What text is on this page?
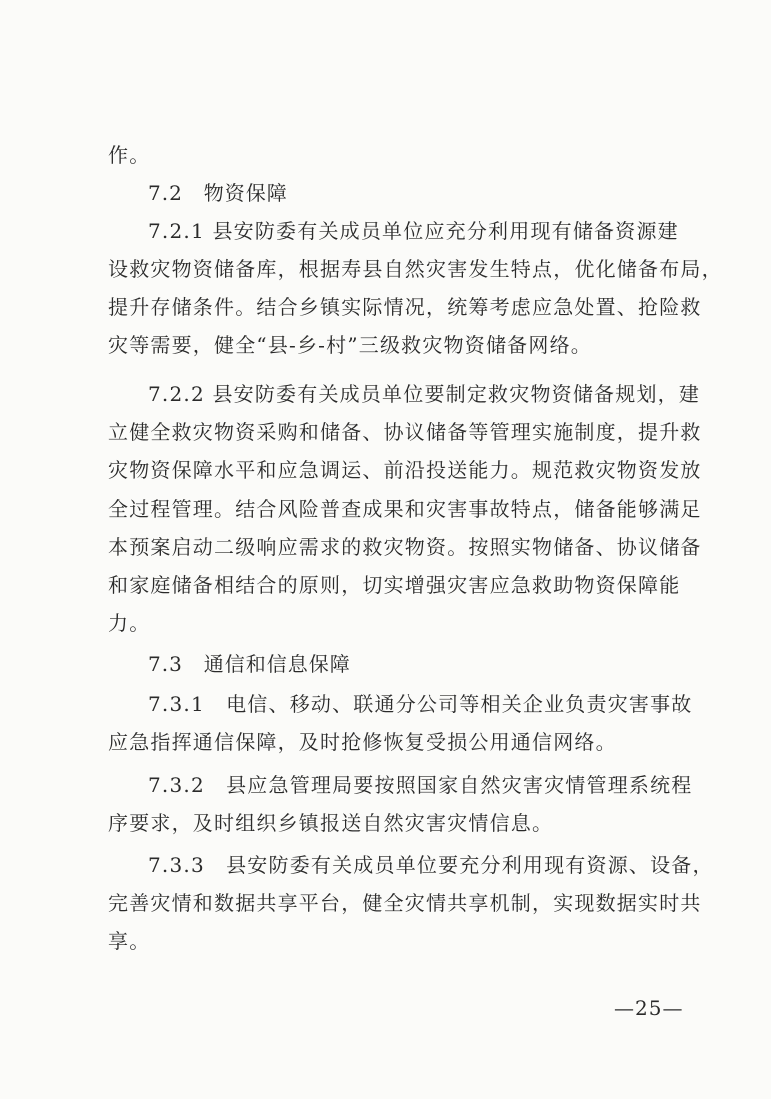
作。
7.2　物资保障
7.2.1 县安防委有关成员单位应充分利用现有储备资源建
设救灾物资储备库，根据寿县自然灾害发生特点，优化储备布局，
提升存储条件。结合乡镇实际情况，统筹考虑应急处置、抢险救
灾等需要，健全“县-乡-村”三级救灾物资储备网络。
7.2.2 县安防委有关成员单位要制定救灾物资储备规划，建
立健全救灾物资采购和储备、协议储备等管理实施制度，提升救
灾物资保障水平和应急调运、前沿投送能力。规范救灾物资发放
全过程管理。结合风险普查成果和灾害事故特点，储备能够满足
本预案启动二级响应需求的救灾物资。按照实物储备、协议储备
和家庭储备相结合的原则，切实增强灾害应急救助物资保障能
力。
7.3　通信和信息保障
7.3.1　电信、移动、联通分公司等相关企业负责灾害事故
应急指挥通信保障，及时抢修恢复受损公用通信网络。
7.3.2　县应急管理局要按照国家自然灾害灾情管理系统程
序要求，及时组织乡镇报送自然灾害灾情信息。
7.3.3　县安防委有关成员单位要充分利用现有资源、设备，
完善灾情和数据共享平台，健全灾情共享机制，实现数据实时共
享。
—25—
